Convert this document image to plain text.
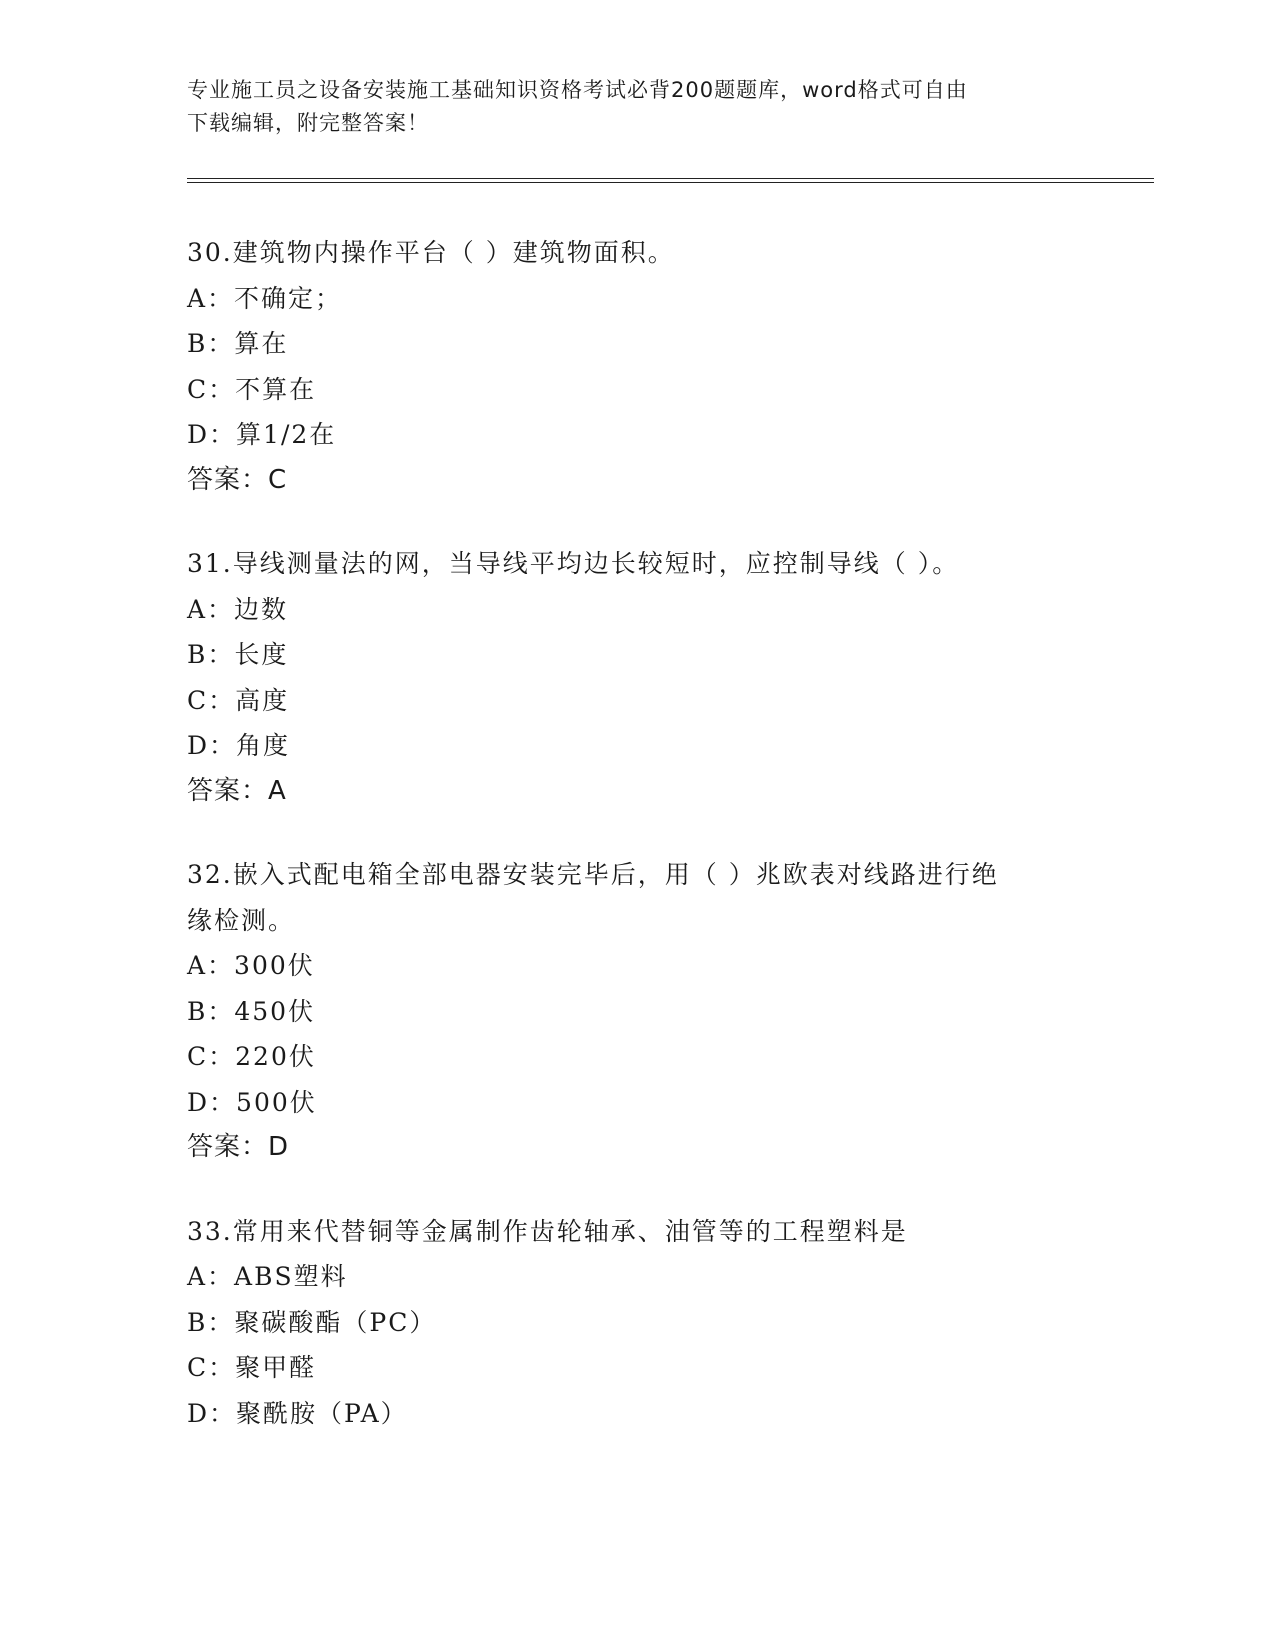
专业施工员之设备安装施工基础知识资格考试必背200题题库，word格式可自由
下载编辑，附完整答案！
30.建筑物内操作平台（ ）建筑物面积。
A：不确定；
B：算在
C：不算在
D：算1/2在
答案：C
31.导线测量法的网，当导线平均边长较短时，应控制导线（ ）。
A：边数
B：长度
C：高度
D：角度
答案：A
32.嵌入式配电箱全部电器安装完毕后，用（ ）兆欧表对线路进行绝
缘检测。
A：300伏
B：450伏
C：220伏
D：500伏
答案：D
33.常用来代替铜等金属制作齿轮轴承、油管等的工程塑料是
A：ABS塑料
B：聚碳酸酯（PC）
C：聚甲醛
D：聚酰胺（PA）
